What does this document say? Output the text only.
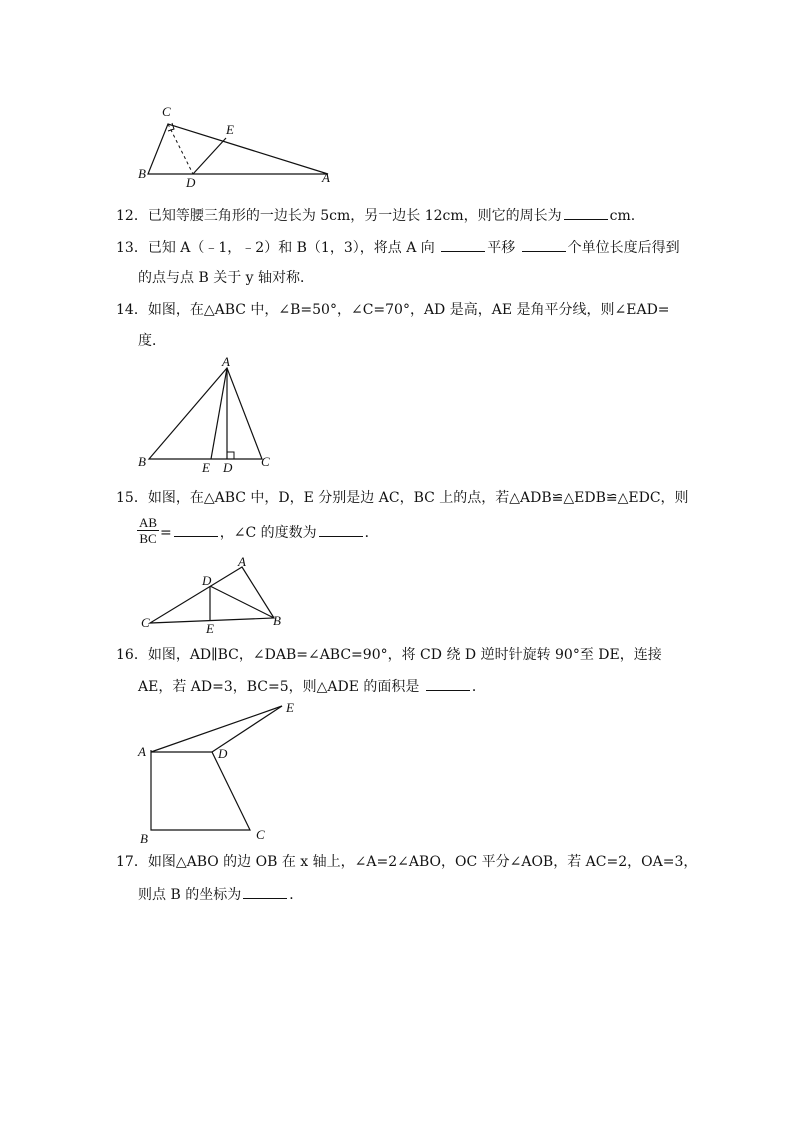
C
E
B
D	A
12．已知等腰三角形的一边长为 5cm，另一边长 12cm，则它的周长为	cm.
13．已知 A（﹣1，﹣2）和 B（1，3），将点 A 向	平移	个单位长度后得到
的点与点 B 关于 y 轴对称．
14．如图，在△ABC 中，∠B=50°，∠C=70°，AD 是高，AE 是角平分线，则∠EAD=
度．
A
B	E D C
15．如图，在△ABC 中，D，E 分别是边 AC，BC 上的点，若△ADB≌△EDB≌△EDC，则
$\frac{AB}{BC}$ =	，∠C 的度数为	．
D
A
C	E
B
16．如图，AD∥BC，∠DAB=∠ABC=90°，将 CD 绕 D 逆时针旋转 90°至 DE，连接
AE，若 AD=3，BC=5，则△ADE 的面积是	．
E
A	D
B	C
17．如图△ABO 的边 OB 在 x 轴上，∠A=2∠ABO，OC 平分∠AOB，若 AC=2，OA=3，
则点 B 的坐标为	．
